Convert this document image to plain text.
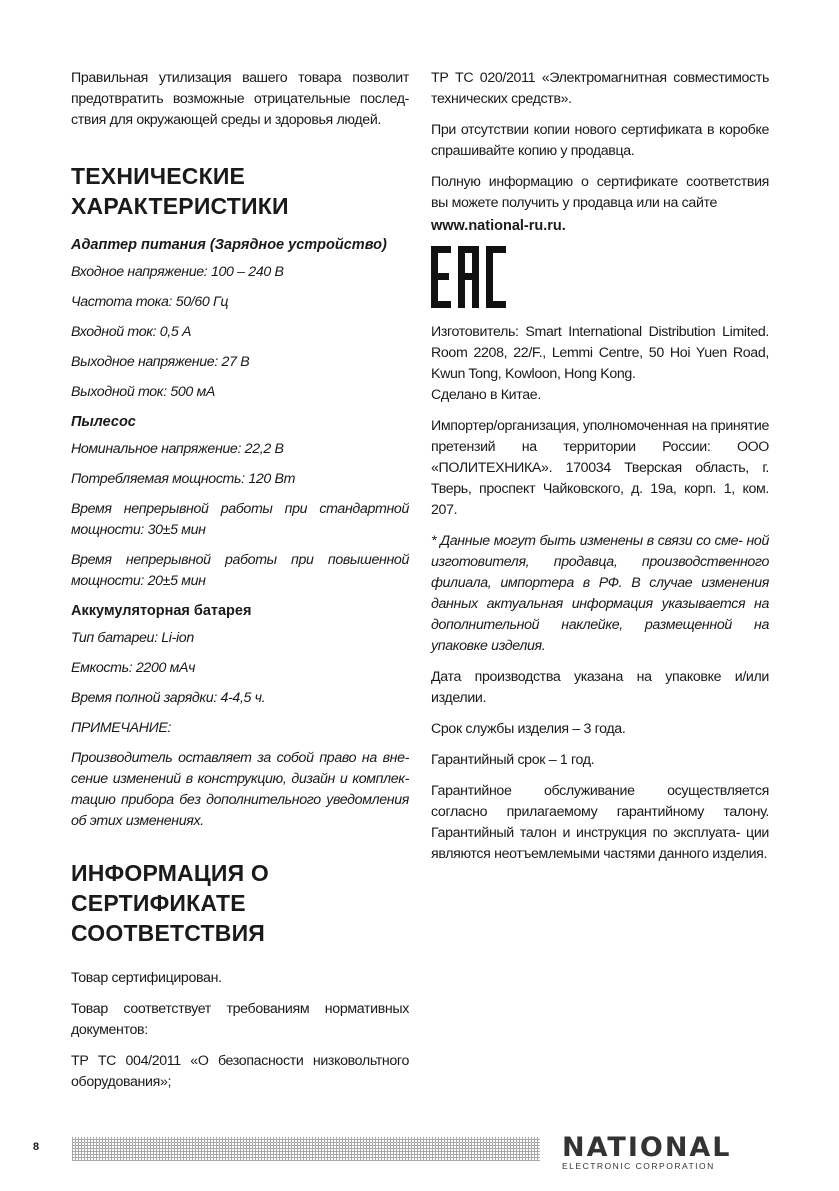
Правильная утилизация вашего товара позволит предотвратить возможные отрицательные послед- ствия для окружающей среды и здоровья людей.

ТЕХНИЧЕСКИЕ ХАРАКТЕРИСТИКИ
Адаптер питания (Зарядное устройство)
Входное напряжение: 100 – 240 В
Частота тока: 50/60 Гц
Входной ток: 0,5 А
Выходное напряжение: 27 В
Выходной ток: 500 мА
Пылесос
Номинальное напряжение: 22,2 В
Потребляемая мощность: 120 Вт
Время непрерывной работы при стандартной мощности: 30±5 мин
Время непрерывной работы при повышенной мощности: 20±5 мин
Аккумуляторная батарея
Тип батареи: Li-ion
Емкость: 2200 мАч
Время полной зарядки: 4-4,5 ч.
ПРИМЕЧАНИЕ:
Производитель оставляет за собой право на вне- сение изменений в конструкцию, дизайн и комплек- тацию прибора без дополнительного уведомления об этих изменениях.
ИНФОРМАЦИЯ О СЕРТИФИКАТЕ
СООТВЕТСТВИЯ

Товар сертифицирован.

Товар соответствует требованиям нормативных документов:

ТР ТС 004/2011 «О безопасности низковольтного оборудования»;

ТР ТС 020/2011 «Электромагнитная совместимость технических средств».

При отсутствии копии нового сертификата в коробке спрашивайте копию у продавца.

Полную информацию о сертификате соответствия вы можете получить у продавца или на сайте

www.national-ru.ru.

Изготовитель: Smart International Distribution Limited. Room 2208, 22/F., Lemmi Centre, 50 Hoi Yuen Road, Kwun Tong, Kowloon, Hong Kong.

Сделано в Китае.

Импортер/организация, уполномоченная на принятие претензий на территории России: ООО «ПОЛИТЕХНИКА». 170034 Тверская область, г. Тверь, проспект Чайковского, д. 19а, корп. 1, ком. 207.

* Данные могут быть изменены в связи со сме- ной изготовителя, продавца, производственного филиала, импортера в РФ. В случае изменения данных актуальная информация указывается на дополнительной наклейке, размещенной на упаковке изделия.

Дата производства указана на упаковке и/или изделии.

Срок службы изделия – 3 года.

Гарантийный срок – 1 год.

Гарантийное обслуживание осуществляется согласно прилагаемому гарантийному талону. Гарантийный талон и инструкция по эксплуата- ции являются неотъемлемыми частями данного изделия.

8	NATIONAL
ELECTRONIC CORPORATION
